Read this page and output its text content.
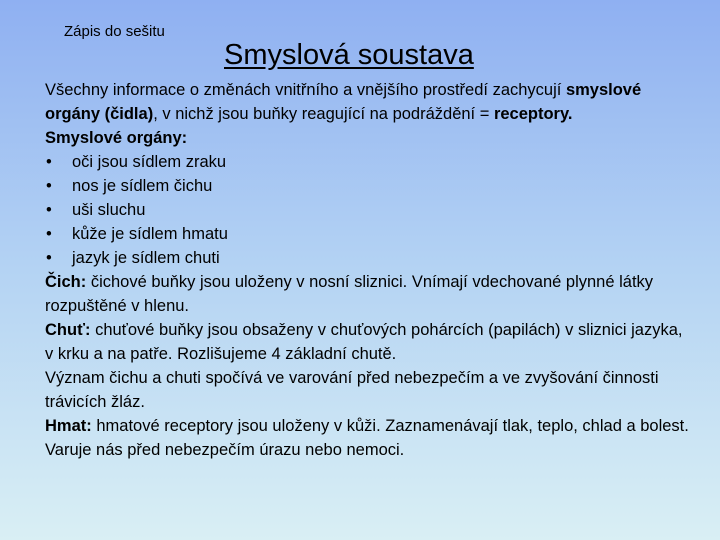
Zápis do sešitu
Smyslová soustava

Všechny informace o změnách vnitřního a vnějšího prostředí zachycují smyslové orgány (čidla), v nichž jsou buňky reagující na podráždění = receptory.

Smyslové orgány:

• oči jsou sídlem zraku
• nos je sídlem čichu
• uši sluchu
• kůže je sídlem hmatu
• jazyk je sídlem chuti

Čich: čichové buňky jsou uloženy v nosní sliznici. Vnímají vdechované plynné látky rozpuštěné v hlenu.

Chuť: chuťové buňky jsou obsaženy v chuťových pohárcích (papilách) v sliznici jazyka, v krku a na patře. Rozlišujeme 4 základní chutě.

Význam čichu a chuti spočívá ve varování před nebezpečím a ve zvyšování činnosti trávicích žláz.

Hmat: hmatové receptory jsou uloženy v kůži. Zaznamenávají tlak, teplo, chlad a bolest. Varuje nás před nebezpečím úrazu nebo nemoci.
